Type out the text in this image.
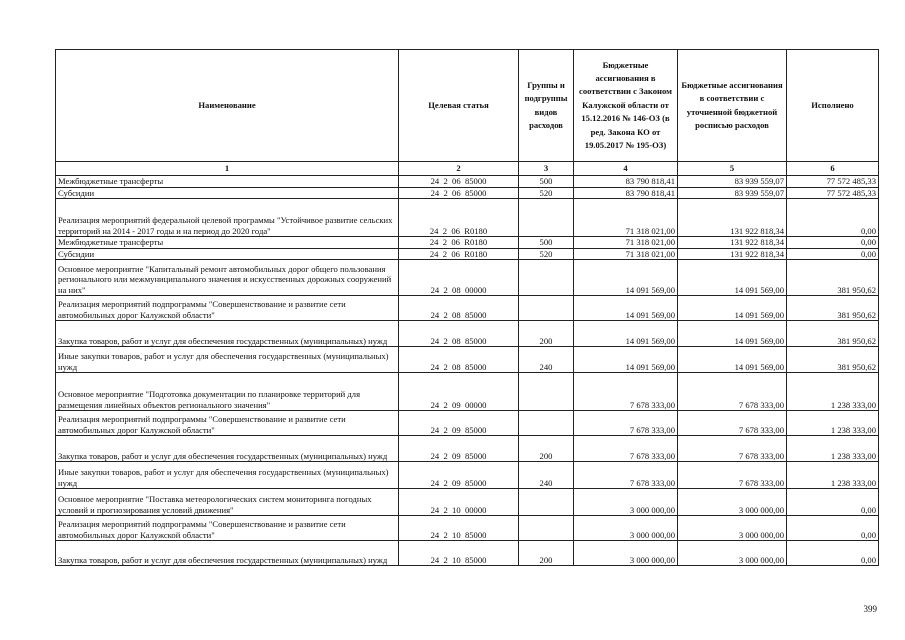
Наименование	Целевая статья	Группы и подгруппы видов расходов	Бюджетные ассигнования в соответствии с Законом Калужской области от 15.12.2016 № 146-ОЗ (в ред. Закона КО от 19.05.2017 № 195-ОЗ)	Бюджетные ассигнования в соответствии с уточненной бюджетной росписью расходов	Исполнено
1	2	3	4	5	6
Межбюджетные трансферты	24  2  06  85000	500	83 790 818,41	83 939 559,07	77 572 485,33
Субсидии	24  2  06  85000	520	83 790 818,41	83 939 559,07	77 572 485,33
Реализация мероприятий федеральной целевой программы "Устойчивое развитие сельских территорий на 2014 - 2017 годы и на период до 2020 года"	24  2  06  R0180		71 318 021,00	131 922 818,34	0,00
Межбюджетные трансферты	24  2  06  R0180	500	71 318 021,00	131 922 818,34	0,00
Субсидии	24  2  06  R0180	520	71 318 021,00	131 922 818,34	0,00
Основное мероприятие "Капитальный ремонт автомобильных дорог общего пользования регионального или межмуниципального значения и искусственных дорожных сооружений на них"	24  2  08  00000		14 091 569,00	14 091 569,00	381 950,62
Реализация мероприятий подпрограммы "Совершенствование и развитие сети автомобильных дорог Калужской области"	24  2  08  85000		14 091 569,00	14 091 569,00	381 950,62
Закупка товаров, работ и услуг для обеспечения государственных (муниципальных) нужд	24  2  08  85000	200	14 091 569,00	14 091 569,00	381 950,62
Иные закупки товаров, работ и услуг для обеспечения государственных (муниципальных) нужд	24  2  08  85000	240	14 091 569,00	14 091 569,00	381 950,62
Основное мероприятие "Подготовка документации по планировке территорий для размещения линейных объектов регионального значения"	24  2  09  00000		7 678 333,00	7 678 333,00	1 238 333,00
Реализация мероприятий подпрограммы "Совершенствование и развитие сети автомобильных дорог Калужской области"	24  2  09  85000		7 678 333,00	7 678 333,00	1 238 333,00
Закупка товаров, работ и услуг для обеспечения государственных (муниципальных) нужд	24  2  09  85000	200	7 678 333,00	7 678 333,00	1 238 333,00
Иные закупки товаров, работ и услуг для обеспечения государственных (муниципальных) нужд	24  2  09  85000	240	7 678 333,00	7 678 333,00	1 238 333,00
Основное мероприятие "Поставка метеорологических систем мониторинга погодных условий и прогнозирования условий движения"	24  2  10  00000		3 000 000,00	3 000 000,00	0,00
Реализация мероприятий подпрограммы "Совершенствование и развитие сети автомобильных дорог Калужской области"	24  2  10  85000		3 000 000,00	3 000 000,00	0,00
Закупка товаров, работ и услуг для обеспечения государственных (муниципальных) нужд	24  2  10  85000	200	3 000 000,00	3 000 000,00	0,00
399
